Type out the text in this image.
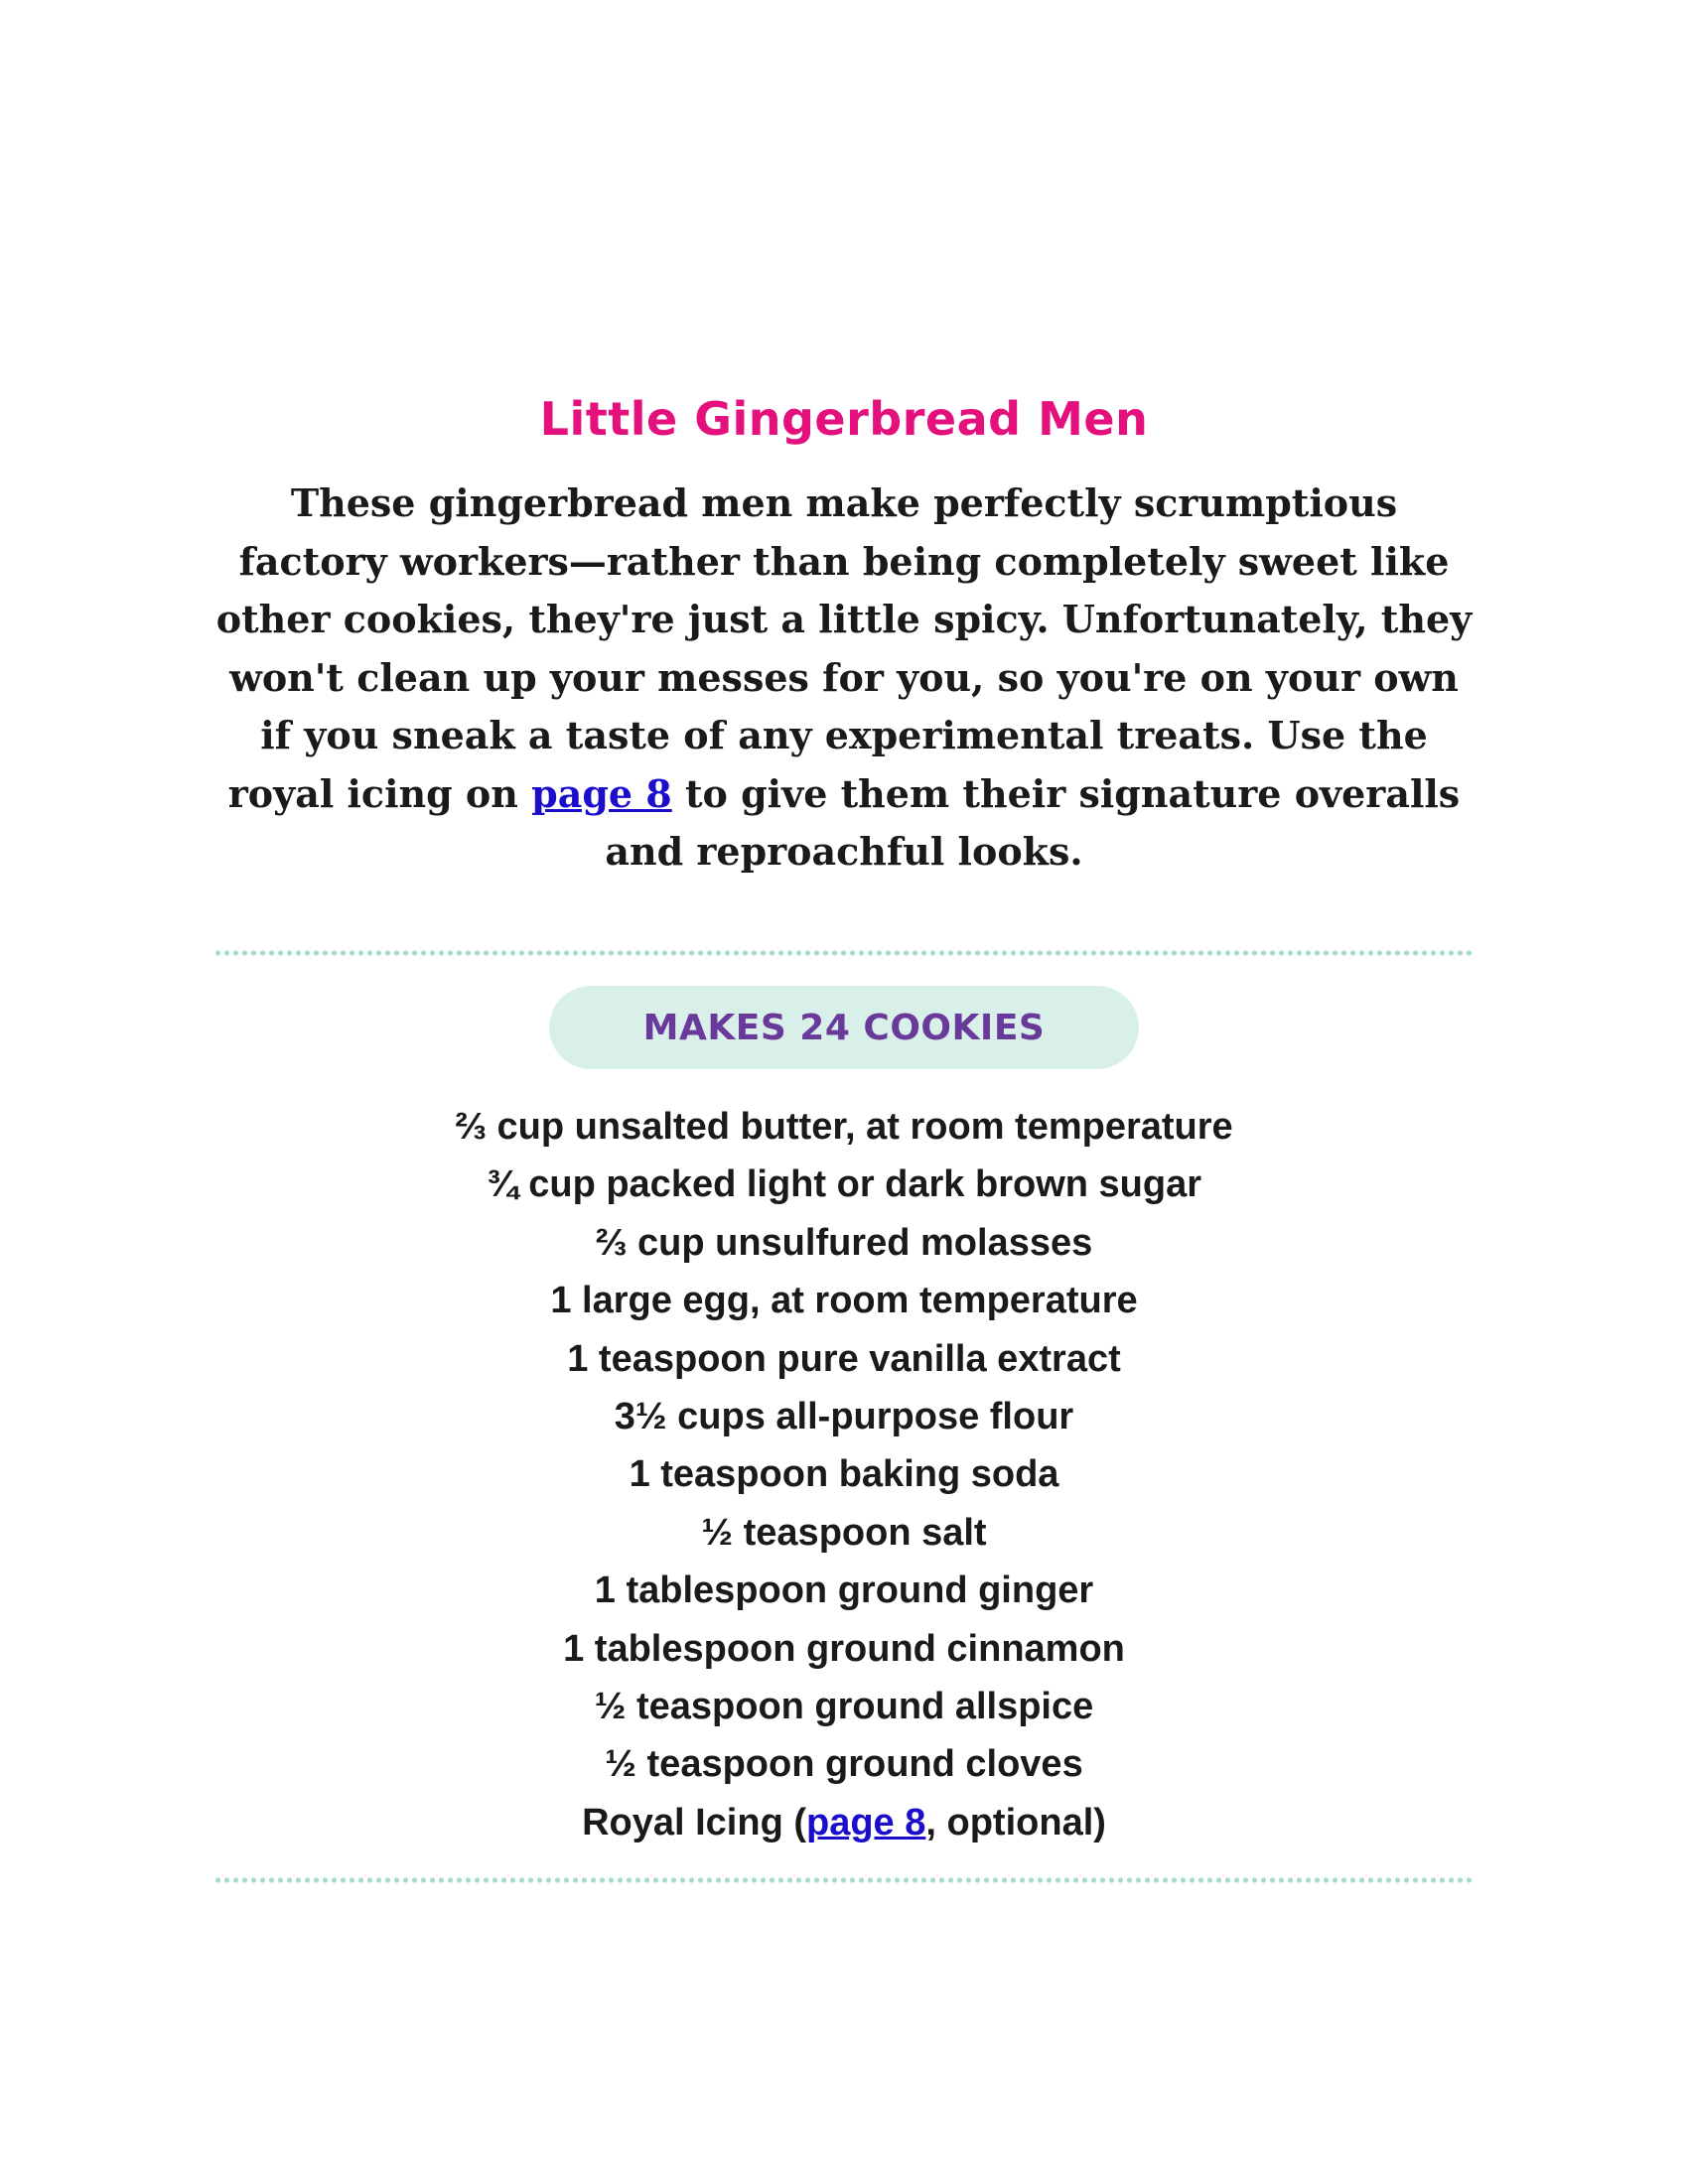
Little Gingerbread Men

These gingerbread men make perfectly scrumptious factory workers—rather than being completely sweet like other cookies, they're just a little spicy. Unfortunately, they won't clean up your messes for you, so you're on your own if you sneak a taste of any experimental treats. Use the royal icing on page 8 to give them their signature overalls and reproachful looks.

MAKES 24 COOKIES
⅔ cup unsalted butter, at room temperature
¾ cup packed light or dark brown sugar
⅔ cup unsulfured molasses
1 large egg, at room temperature
1 teaspoon pure vanilla extract
3½ cups all-purpose flour
1 teaspoon baking soda
½ teaspoon salt
1 tablespoon ground ginger
1 tablespoon ground cinnamon
½ teaspoon ground allspice
½ teaspoon ground cloves
Royal Icing (page 8, optional)
